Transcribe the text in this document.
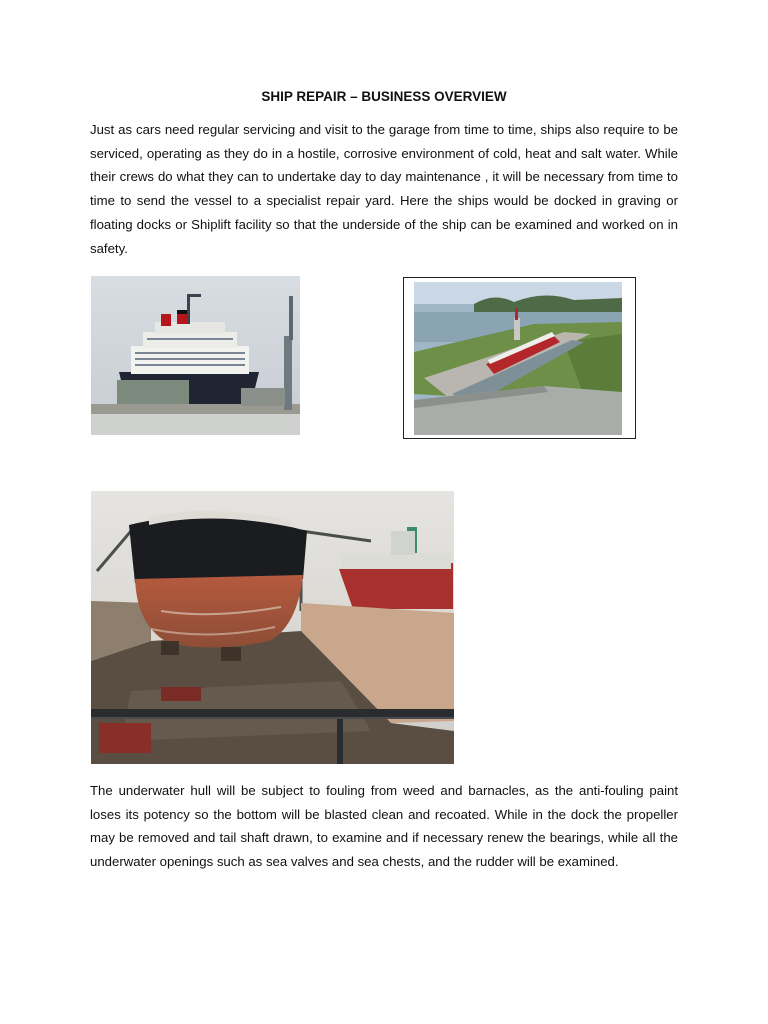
SHIP REPAIR – BUSINESS OVERVIEW

Just as cars need regular servicing and visit to the garage from time to time, ships also require to be serviced, operating as they do in a hostile, corrosive environment of cold, heat and salt water. While their crews do what they can to undertake day to day maintenance , it will be necessary from time to time to send the vessel to a specialist repair yard. Here the ships would be docked in graving or floating docks or Shiplift facility so that the underside of the ship can be examined and worked on in safety.

The underwater hull will be subject to fouling from weed and barnacles, as the anti-fouling paint loses its potency so the bottom will be blasted clean and recoated. While in the dock the propeller may be removed and tail shaft drawn, to examine and if necessary renew the bearings, while all the underwater openings such as sea valves and sea chests, and the rudder will be examined.
